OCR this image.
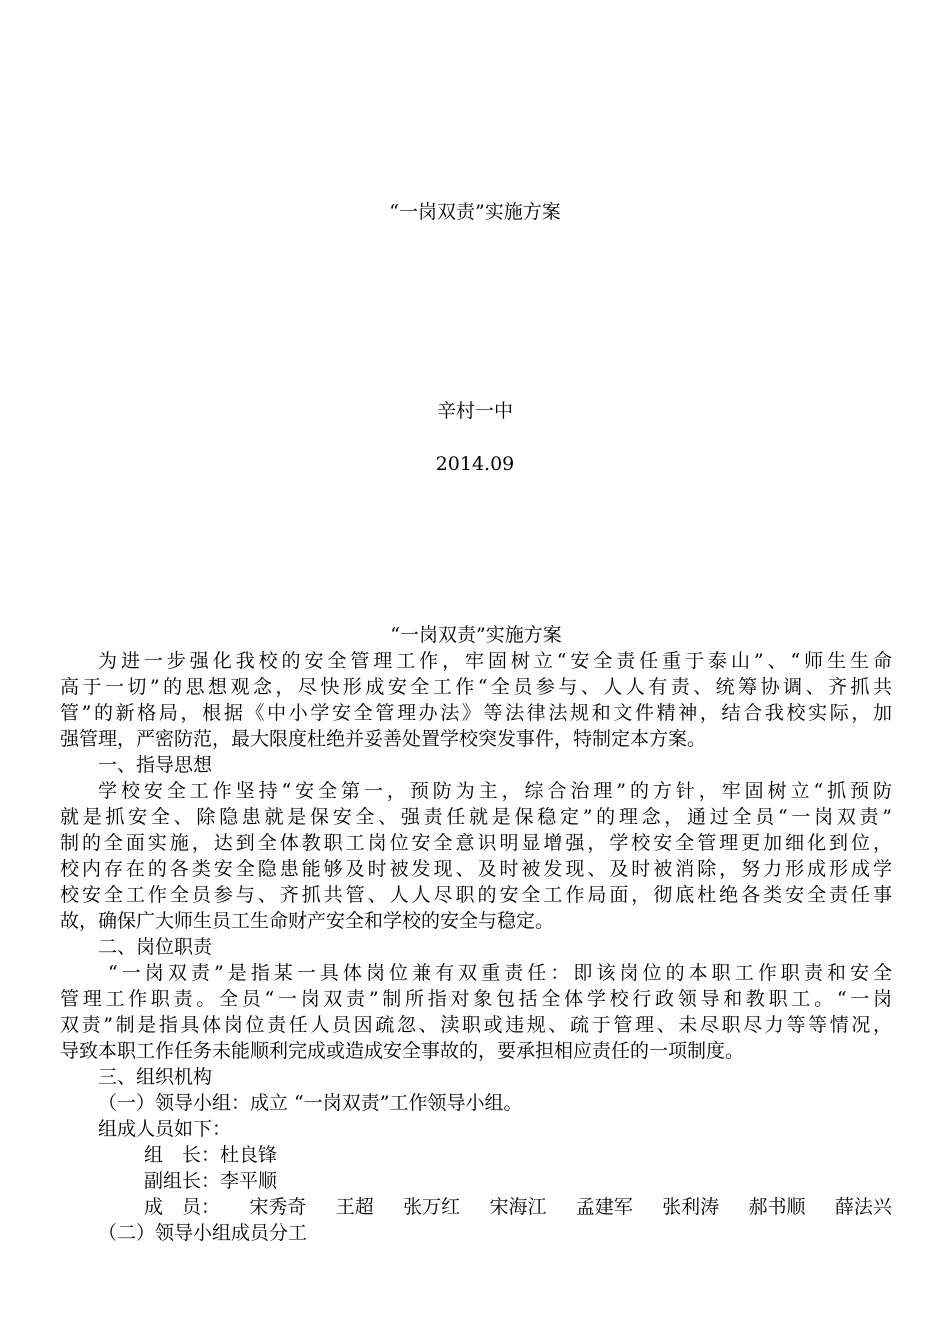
“一岗双责”实施方案
辛村一中
2014.09

“一岗双责”实施方案

为进一步强化我校的安全管理工作，牢固树立“安全责任重于泰山”、“师生生命

高于一切”的思想观念，尽快形成安全工作“全员参与、人人有责、统筹协调、齐抓共

管”的新格局，根据《中小学安全管理办法》等法律法规和文件精神，结合我校实际，加

强管理，严密防范，最大限度杜绝并妥善处置学校突发事件，特制定本方案。

一、指导思想

学校安全工作坚持“安全第一，预防为主，综合治理”的方针，牢固树立“抓预防

就是抓安全、除隐患就是保安全、强责任就是保稳定”的理念，通过全员“一岗双责”

制的全面实施，达到全体教职工岗位安全意识明显增强，学校安全管理更加细化到位，

校内存在的各类安全隐患能够及时被发现、及时被发现、及时被消除，努力形成形成学

校安全工作全员参与、齐抓共管、人人尽职的安全工作局面，彻底杜绝各类安全责任事

故，确保广大师生员工生命财产安全和学校的安全与稳定。

二、岗位职责

“一岗双责”是指某一具体岗位兼有双重责任：即该岗位的本职工作职责和安全

管理工作职责。全员“一岗双责”制所指对象包括全体学校行政领导和教职工。“一岗

双责”制是指具体岗位责任人员因疏忽、渎职或违规、疏于管理、未尽职尽力等等情况，

导致本职工作任务未能顺利完成或造成安全事故的，要承担相应责任的一项制度。

三、组织机构

（一）领导小组：成立 “一岗双责”工作领导小组。

组成人员如下：

组　长：杜良锋

副组长：李平顺

成　员： 宋秀奇 王超 张万红 宋海江 孟建军 张利涛 郝书顺 薛法兴

（二）领导小组成员分工
